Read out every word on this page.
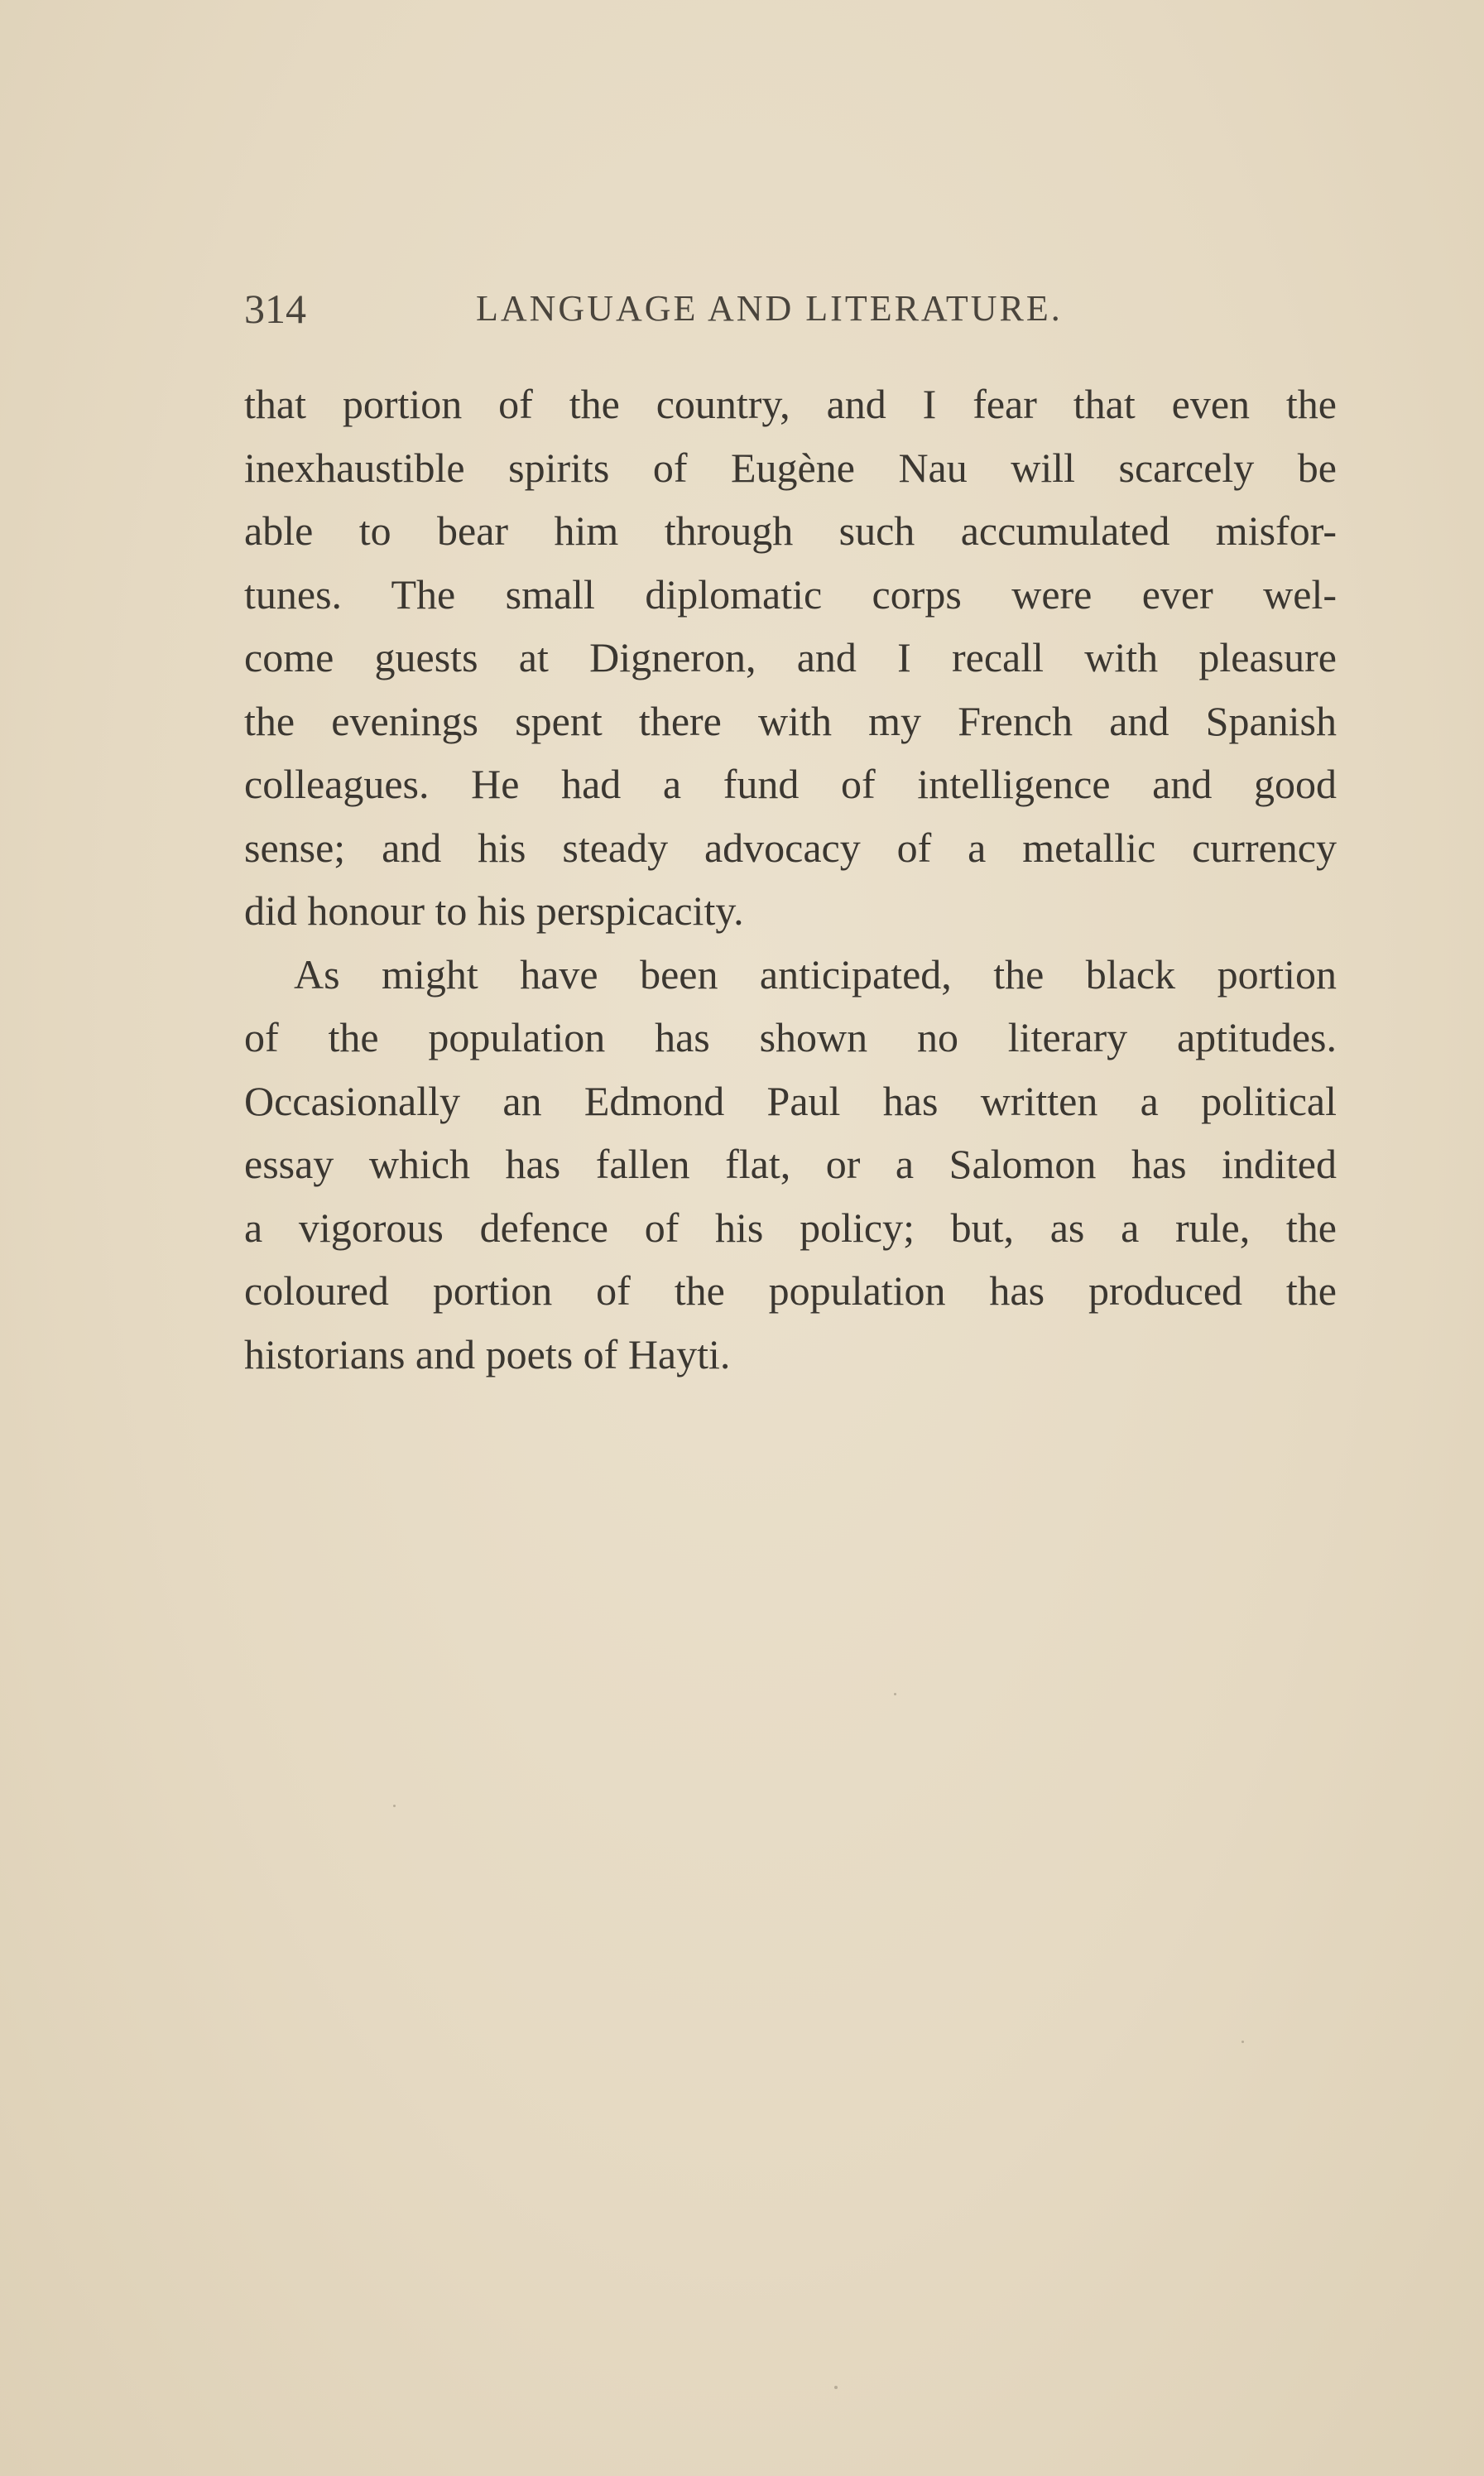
314	LANGUAGE AND LITERATURE.
that portion of the country, and I fear that even the
inexhaustible spirits of Eugène Nau will scarcely be
able to bear him through such accumulated misfor-
tunes. The small diplomatic corps were ever wel-
come guests at Digneron, and I recall with pleasure
the evenings spent there with my French and Spanish
colleagues. He had a fund of intelligence and good
sense; and his steady advocacy of a metallic currency
did honour to his perspicacity.
As might have been anticipated, the black portion
of the population has shown no literary aptitudes.
Occasionally an Edmond Paul has written a political
essay which has fallen flat, or a Salomon has indited
a vigorous defence of his policy; but, as a rule, the
coloured portion of the population has produced the
historians and poets of Hayti.
